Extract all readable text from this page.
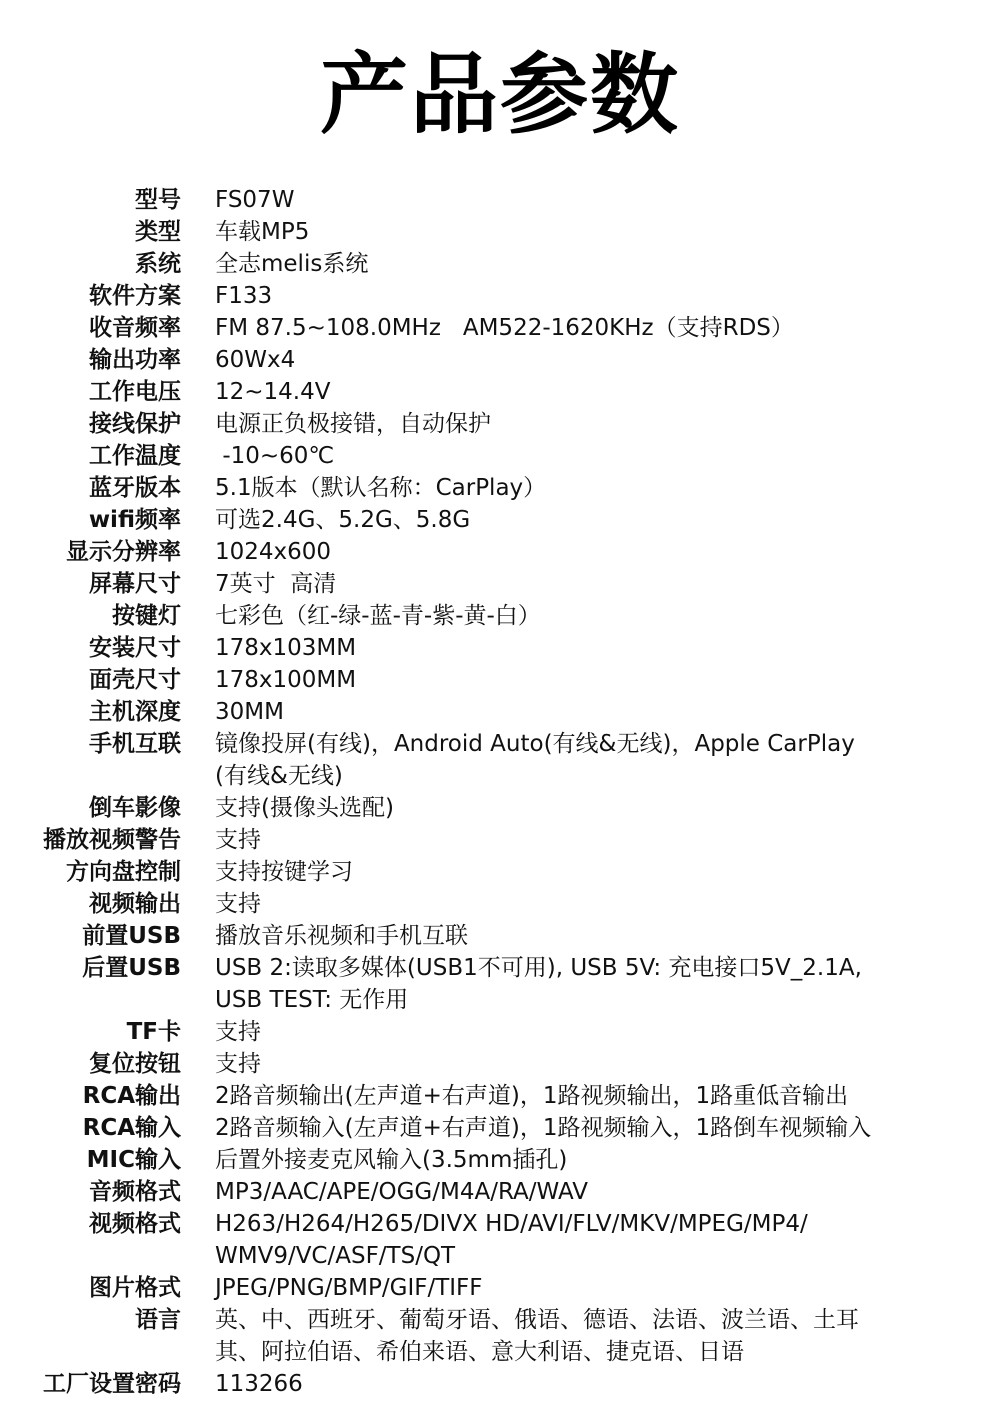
产品参数
型号 FS07W
类型 车载MP5
系统 全志melis系统
软件方案 F133
收音频率 FM 87.5~108.0MHz   AM522-1620KHz（支持RDS）
输出功率 60Wx4
工作电压 12~14.4V
接线保护 电源正负极接错，自动保护
工作温度 -10~60℃
蓝牙版本 5.1版本（默认名称：CarPlay）
wifi频率 可选2.4G、5.2G、5.8G
显示分辨率 1024x600
屏幕尺寸 7英寸  高清
按键灯 七彩色（红-绿-蓝-青-紫-黄-白）
安装尺寸 178x103MM
面壳尺寸 178x100MM
主机深度 30MM
手机互联 镜像投屏(有线)，Android Auto(有线&无线)，Apple CarPlay
(有线&无线)
倒车影像 支持(摄像头选配)
播放视频警告 支持
方向盘控制 支持按键学习
视频输出 支持
前置USB 播放音乐视频和手机互联
后置USB USB 2:读取多媒体(USB1不可用), USB 5V: 充电接口5V_2.1A,
USB TEST: 无作用
TF卡 支持
复位按钮 支持
RCA输出 2路音频输出(左声道+右声道)，1路视频输出，1路重低音输出
RCA输入 2路音频输入(左声道+右声道)，1路视频输入，1路倒车视频输入
MIC输入 后置外接麦克风输入(3.5mm插孔)
音频格式 MP3/AAC/APE/OGG/M4A/RA/WAV
视频格式 H263/H264/H265/DIVX HD/AVI/FLV/MKV/MPEG/MP4/
WMV9/VC/ASF/TS/QT
图片格式 JPEG/PNG/BMP/GIF/TIFF
语言 英、中、西班牙、葡萄牙语、俄语、德语、法语、波兰语、土耳
其、阿拉伯语、希伯来语、意大利语、捷克语、日语
工厂设置密码 113266
